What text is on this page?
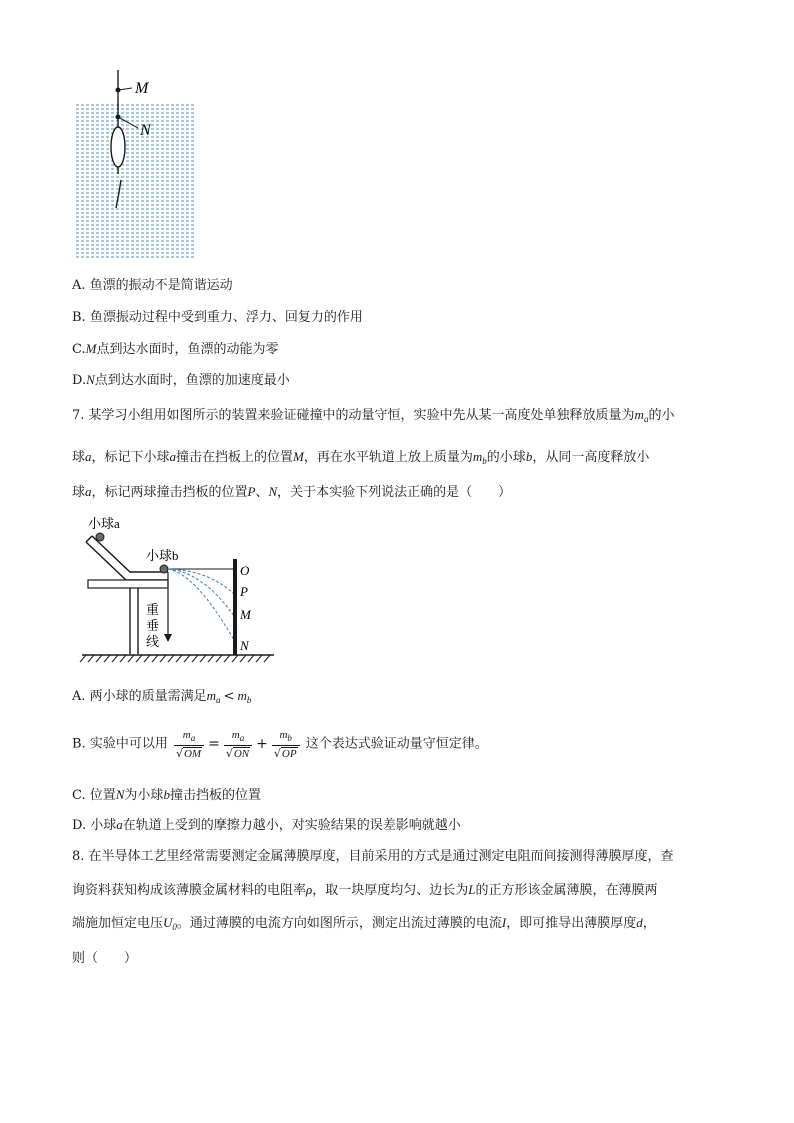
M
N
A. 鱼漂的振动不是简谐运动
B. 鱼漂振动过程中受到重力、浮力、回复力的作用
C.M点到达水面时，鱼漂的动能为零
D.N点到达水面时，鱼漂的加速度最小
7. 某学习小组用如图所示的装置来验证碰撞中的动量守恒，实验中先从某一高度处单独释放质量为$m_a$的小
球a，标记下小球a撞击在挡板上的位置M，再在水平轨道上放上质量为$m_b$的小球b，从同一高度释放小
球a，标记两球撞击挡板的位置P、N，关于本实验下列说法正确的是（　　）
小球a
小球b
重
垂
线
O
P
M
N
A. 两小球的质量需满足$m_a < m_b$
B. 实验中可以用 $\frac{m_a}{√OM} = \frac{m_a}{√ON} + \frac{m_b}{√OP}$ 这个表达式验证动量守恒定律。
C. 位置N为小球b撞击挡板的位置
D. 小球a在轨道上受到的摩擦力越小，对实验结果的误差影响就越小
8. 在半导体工艺里经常需要测定金属薄膜厚度，目前采用的方式是通过测定电阻而间接测得薄膜厚度，查
询资料获知构成该薄膜金属材料的电阻率ρ，取一块厚度均匀、边长为L的正方形该金属薄膜，在薄膜两
端施加恒定电压$U_0$。通过薄膜的电流方向如图所示，测定出流过薄膜的电流I，即可推导出薄膜厚度d，
则（　　）
